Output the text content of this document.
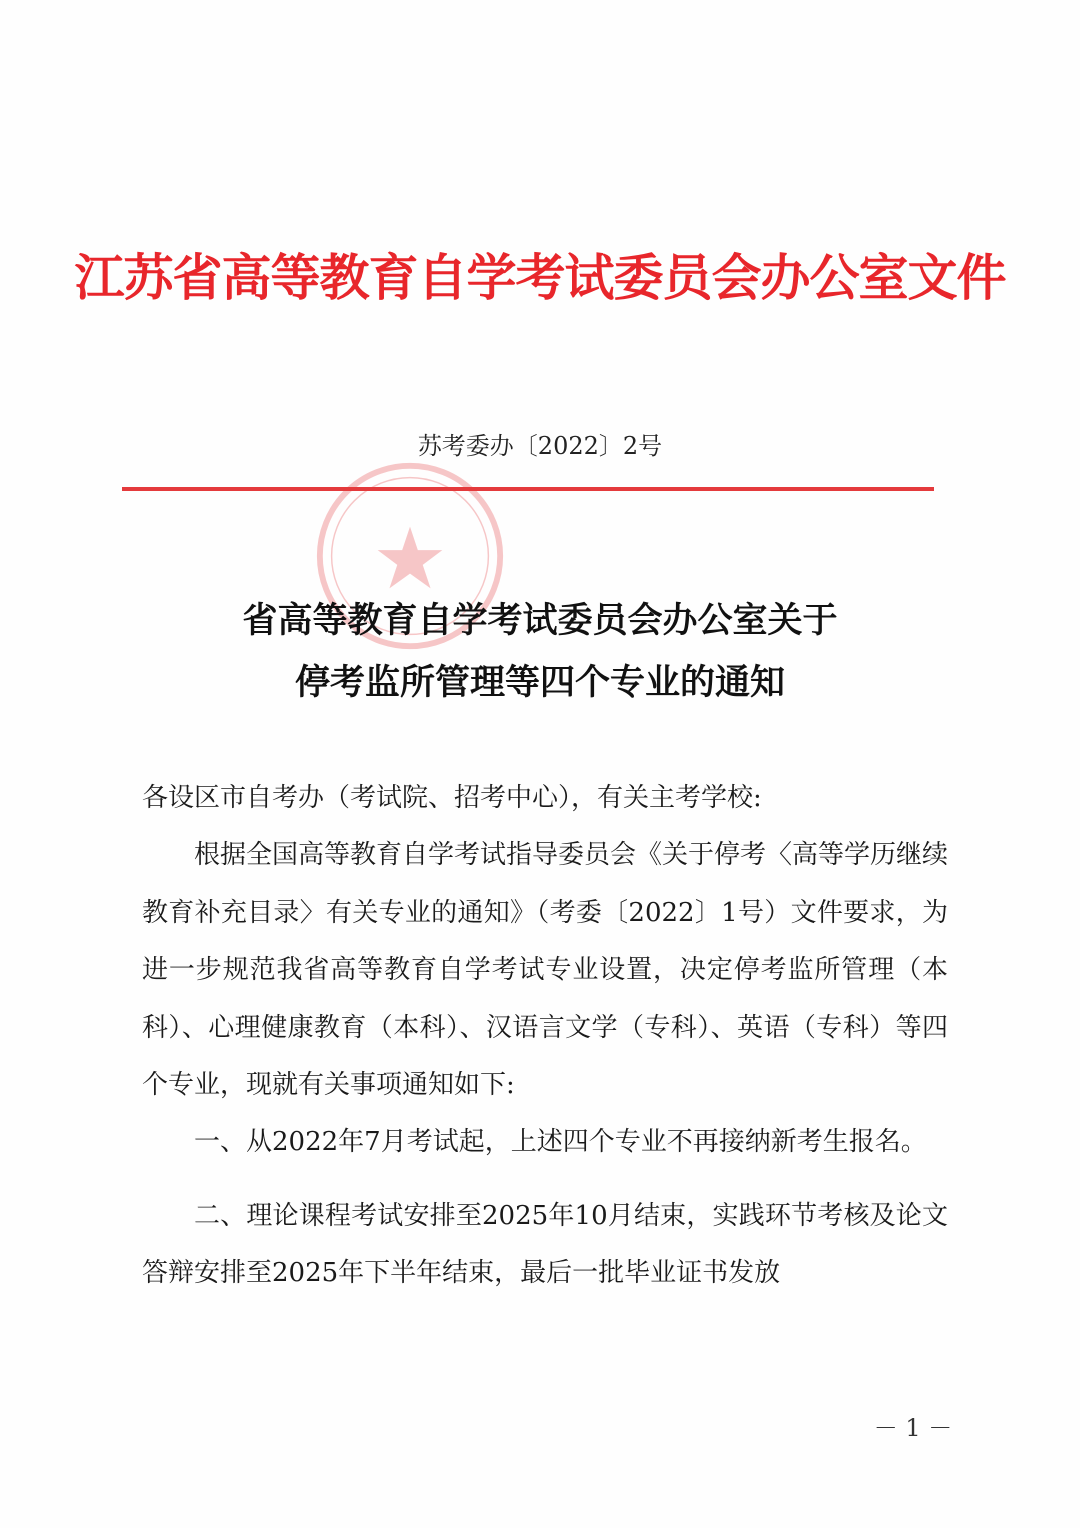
江苏省高等教育自学考试委员会办公室文件
苏考委办〔2022〕2号
省高等教育自学考试委员会办公室关于
停考监所管理等四个专业的通知

各设区市自考办（考试院、招考中心），有关主考学校:

根据全国高等教育自学考试指导委员会《关于停考〈高等学历继续教育补充目录〉有关专业的通知》（考委〔2022〕1号）文件要求，为进一步规范我省高等教育自学考试专业设置，决定停考监所管理（本科）、心理健康教育（本科）、汉语言文学（专科）、英语（专科）等四个专业，现就有关事项通知如下:

一、从2022年7月考试起，上述四个专业不再接纳新考生报名。

二、理论课程考试安排至2025年10月结束，实践环节考核及论文答辩安排至2025年下半年结束，最后一批毕业证书发放

－ 1 －
